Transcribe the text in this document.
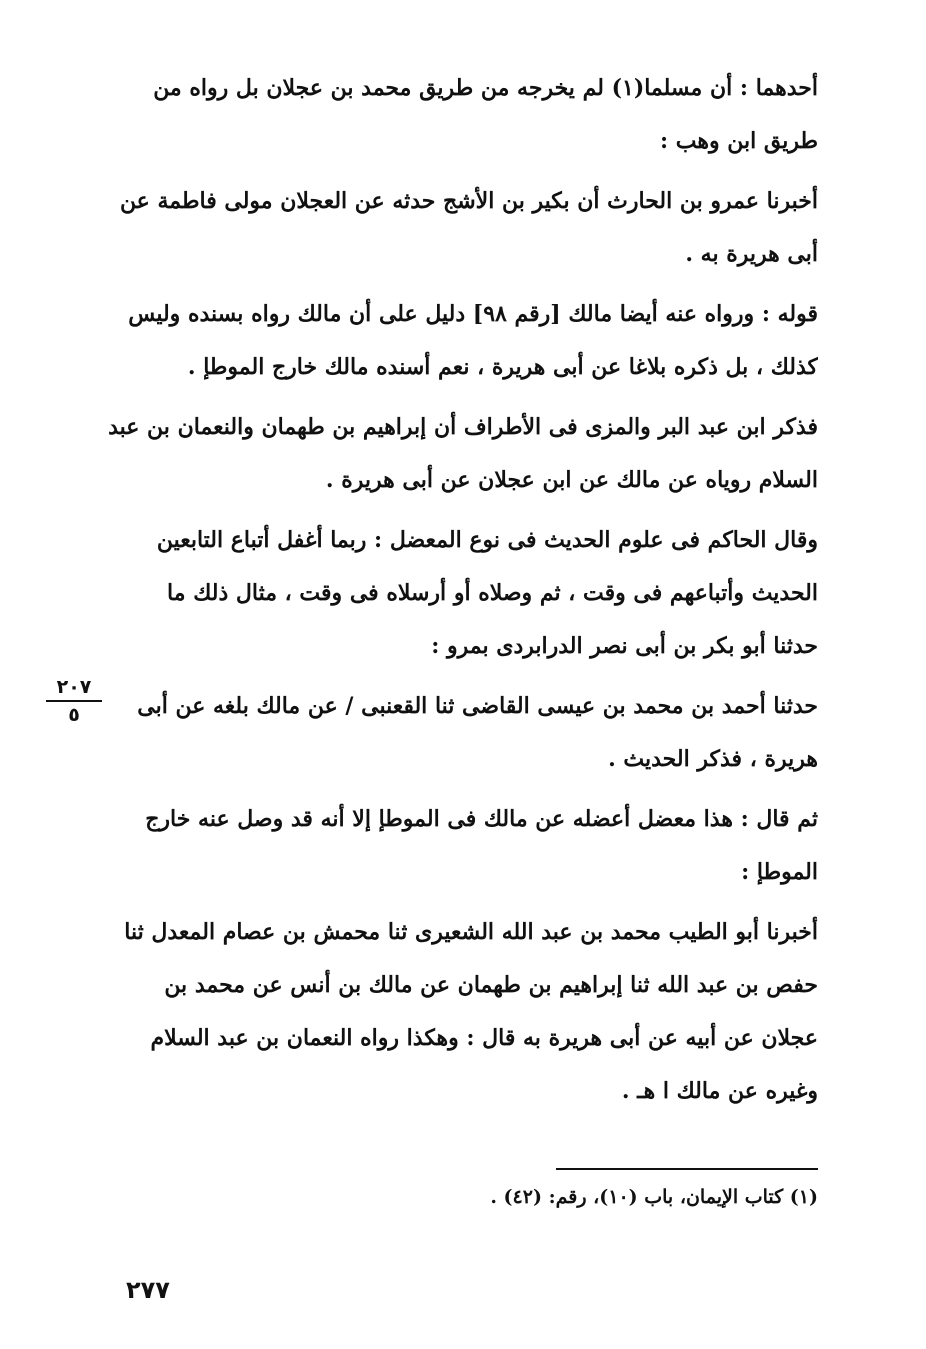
أحدهما : أن مسلما(١) لم يخرجه من طريق محمد بن عجلان بل رواه من
طريق ابن وهب :
أخبرنا عمرو بن الحارث أن بكير بن الأشج حدثه عن العجلان مولى فاطمة عن
أبى هريرة به .
قوله : ورواه عنه أيضا مالك [رقم ٩٨] دليل على أن مالك رواه بسنده وليس
كذلك ، بل ذكره بلاغا عن أبى هريرة ، نعم أسنده مالك خارج الموطإ .
فذكر ابن عبد البر والمزى فى الأطراف أن إبراهيم بن طهمان والنعمان بن عبد
السلام روياه عن مالك عن ابن عجلان عن أبى هريرة .
وقال الحاكم فى علوم الحديث فى نوع المعضل : ربما أغفل أتباع التابعين
الحديث وأتباعهم فى وقت ، ثم وصلاه أو أرسلاه فى وقت ، مثال ذلك ما
حدثنا أبو بكر بن أبى نصر الدرابردى بمرو :
حدثنا أحمد بن محمد بن عيسى القاضى ثنا القعنبى / عن مالك بلغه عن أبى
هريرة ، فذكر الحديث .
ثم قال : هذا معضل أعضله عن مالك فى الموطإ إلا أنه قد وصل عنه خارج
الموطإ :
أخبرنا أبو الطيب محمد بن عبد الله الشعيرى ثنا محمش بن عصام المعدل ثنا
حفص بن عبد الله ثنا إبراهيم بن طهمان عن مالك بن أنس عن محمد بن
عجلان عن أبيه عن أبى هريرة به قال : وهكذا رواه النعمان بن عبد السلام
وغيره عن مالك ا هـ .
٢٠٧
٥
(١) كتاب الإيمان، باب (١٠)، رقم: (٤٢) .
٢٧٧
